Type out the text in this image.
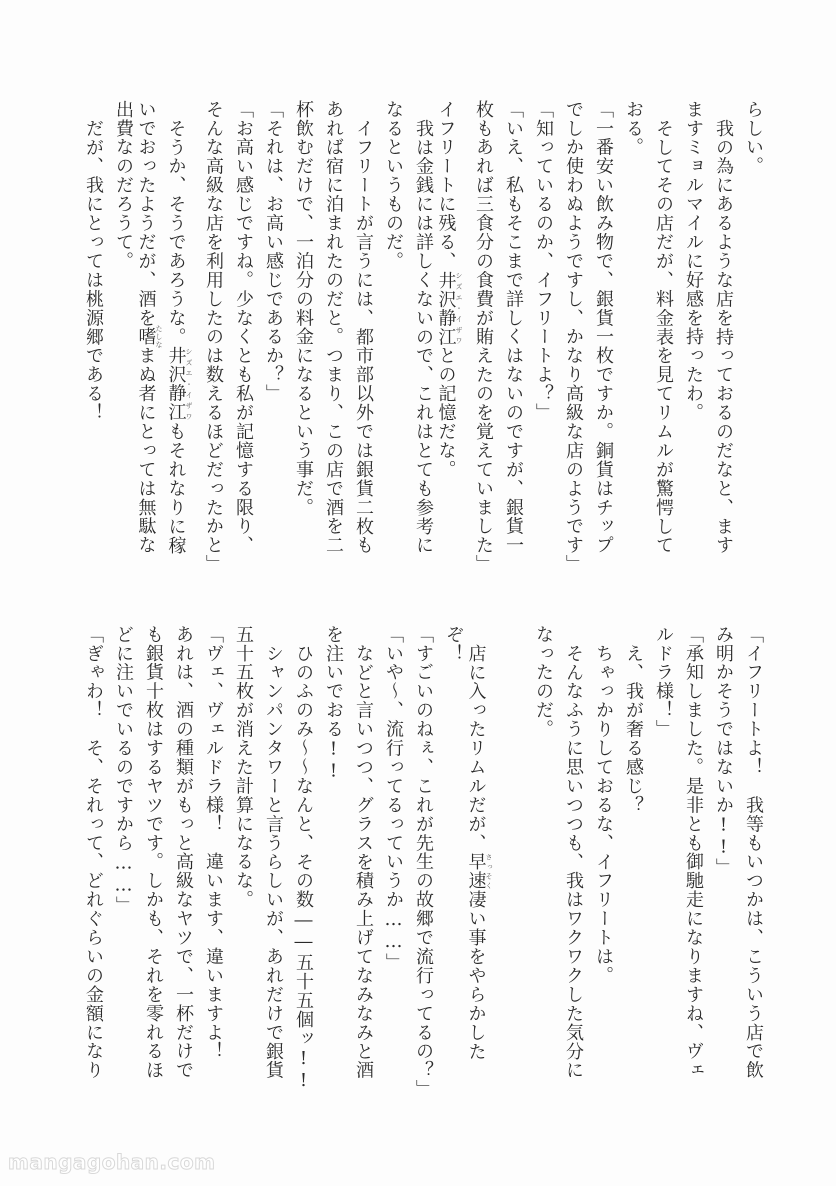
らしい。
我の為にあるような店を持っておるのだなと、ます
ますミョルマイルに好感を持ったわ。
そしてその店だが、料金表を見てリムルが驚愕して
おる。
「一番安い飲み物で、銀貨一枚ですか。銅貨はチップ
でしか使わぬようですし、かなり高級な店のようです」
「知っているのか、イフリートよ？」
「いえ、私もそこまで詳しくはないのですが、銀貨一
枚もあれば三食分の食費が賄えたのを覚えていました」
イフリートに残る、井沢静江シズエ・イザワとの記憶だな。
我は金銭には詳しくないので、これはとても参考に
なるというものだ。
イフリートが言うには、都市部以外では銀貨二枚も
あれば宿に泊まれたのだと。つまり、この店で酒を二
杯飲むだけで、一泊分の料金になるという事だ。
「それは、お高い感じであるか？」
「お高い感じですね。少なくとも私が記憶する限り、
そんな高級な店を利用したのは数えるほどだったかと」
そうか、そうであろうな。井沢静江シズエ・イザワもそれなりに稼
いでおったようだが、酒を嗜たしなまぬ者にとっては無駄な
出費なのだろうて。
だが、我にとっては桃源郷である！
「イフリートよ！　我等もいつかは、こういう店で飲
み明かそうではないか!!」
「承知しました。是非とも御馳走になりますね、ヴェ
ルドラ様！」
え、我が奢る感じ？
ちゃっかりしておるな、イフリートは。
そんなふうに思いつつも、我はワクワクした気分に
なったのだ。
店に入ったリムルだが、早速さっそく凄い事をやらかした
ぞ！
「すごいのねぇ、これが先生の故郷で流行ってるの？」
「いや〜、流行ってるっていうか……」
などと言いつつ、グラスを積み上げてなみなみと酒
を注いでおる!!
ひのふのみ〜〜なんと、その数――五十五個ッ!!
シャンパンタワーと言うらしいが、あれだけで銀貨
五十五枚が消えた計算になるな。
「ヴェ、ヴェルドラ様！　違います、違いますよ！
あれは、酒の種類がもっと高級なヤツで、一杯だけで
も銀貨十枚はするヤツです。しかも、それを零れるほ
どに注いでいるのですから……」
「ぎゃわ！　そ、それって、どれぐらいの金額になり
mangagohan.com
